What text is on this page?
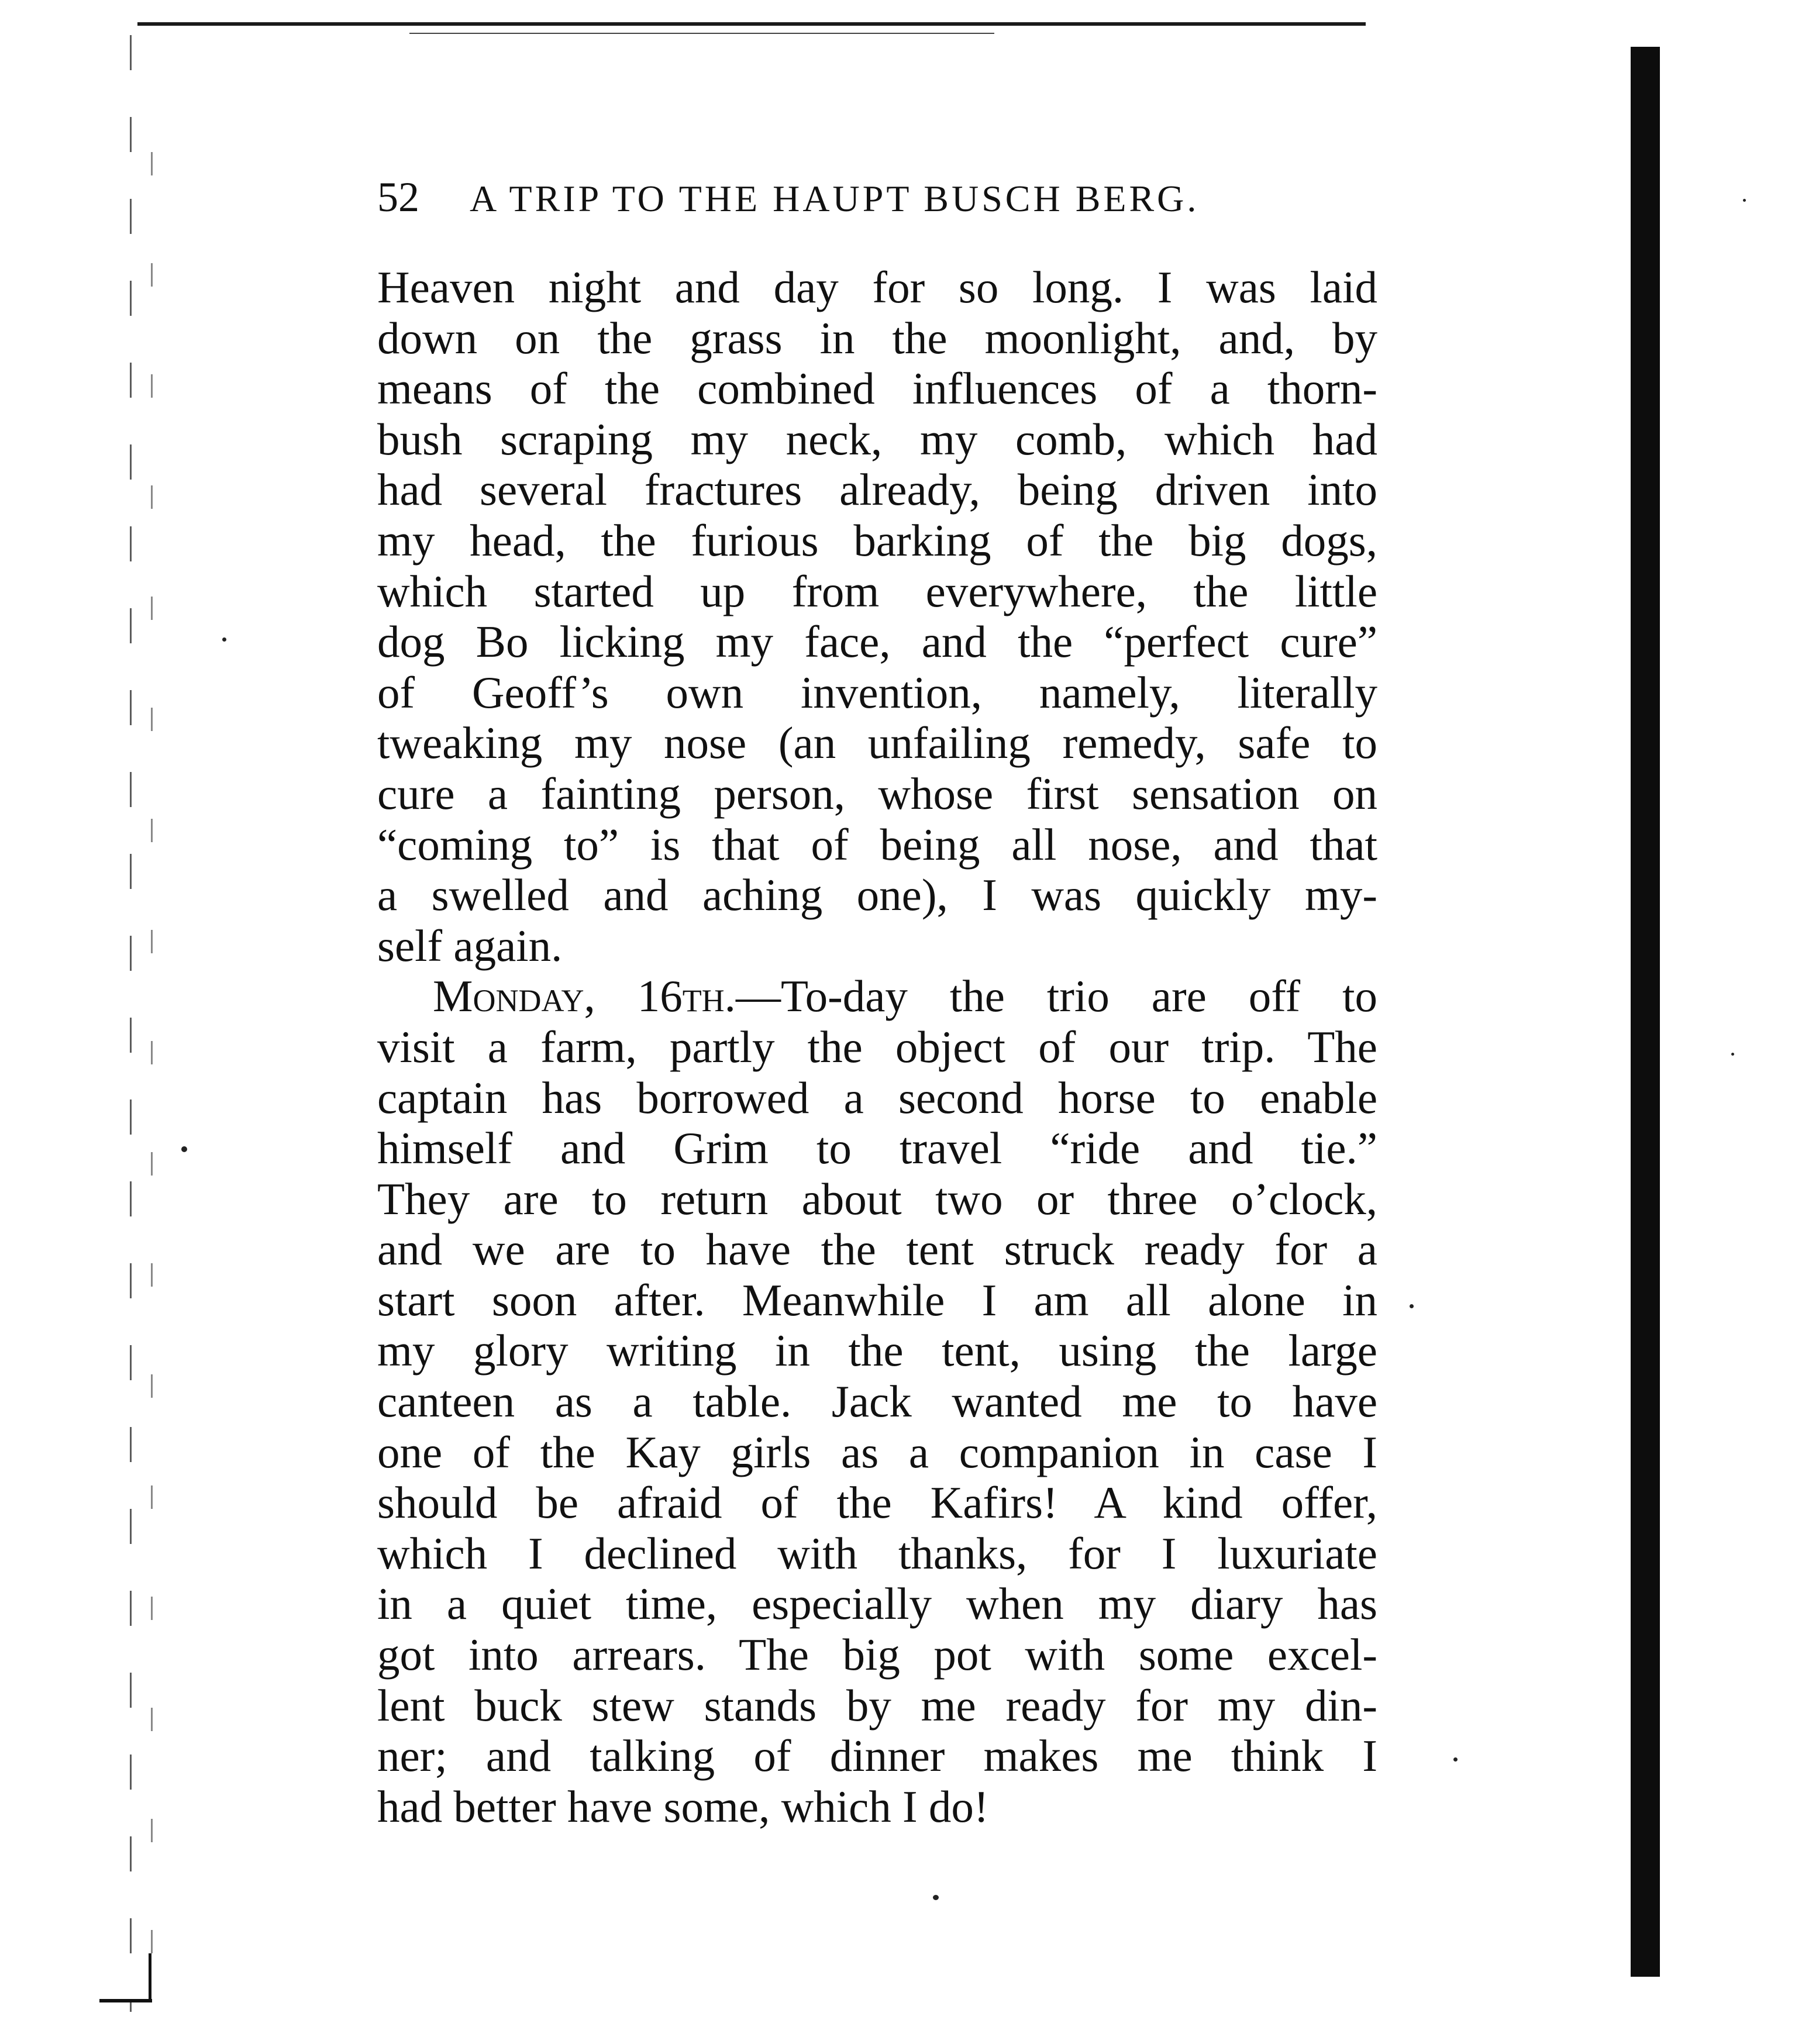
52 A TRIP TO THE HAUPT BUSCH BERG.
Heaven night and day for so long. I was laid
down on the grass in the moonlight, and, by
means of the combined influences of a thorn-
bush scraping my neck, my comb, which had
had several fractures already, being driven into
my head, the furious barking of the big dogs,
which started up from everywhere, the little
dog Bo licking my face, and the “perfect cure”
of Geoff’s own invention, namely, literally
tweaking my nose (an unfailing remedy, safe to
cure a fainting person, whose first sensation on
“coming to” is that of being all nose, and that
a swelled and aching one), I was quickly my-
self again.
Monday, 16th.—To-day the trio are off to
visit a farm, partly the object of our trip. The
captain has borrowed a second horse to enable
himself and Grim to travel “ride and tie.”
They are to return about two or three o’clock,
and we are to have the tent struck ready for a
start soon after. Meanwhile I am all alone in
my glory writing in the tent, using the large
canteen as a table. Jack wanted me to have
one of the Kay girls as a companion in case I
should be afraid of the Kafirs! A kind offer,
which I declined with thanks, for I luxuriate
in a quiet time, especially when my diary has
got into arrears. The big pot with some excel-
lent buck stew stands by me ready for my din-
ner; and talking of dinner makes me think I
had better have some, which I do!
